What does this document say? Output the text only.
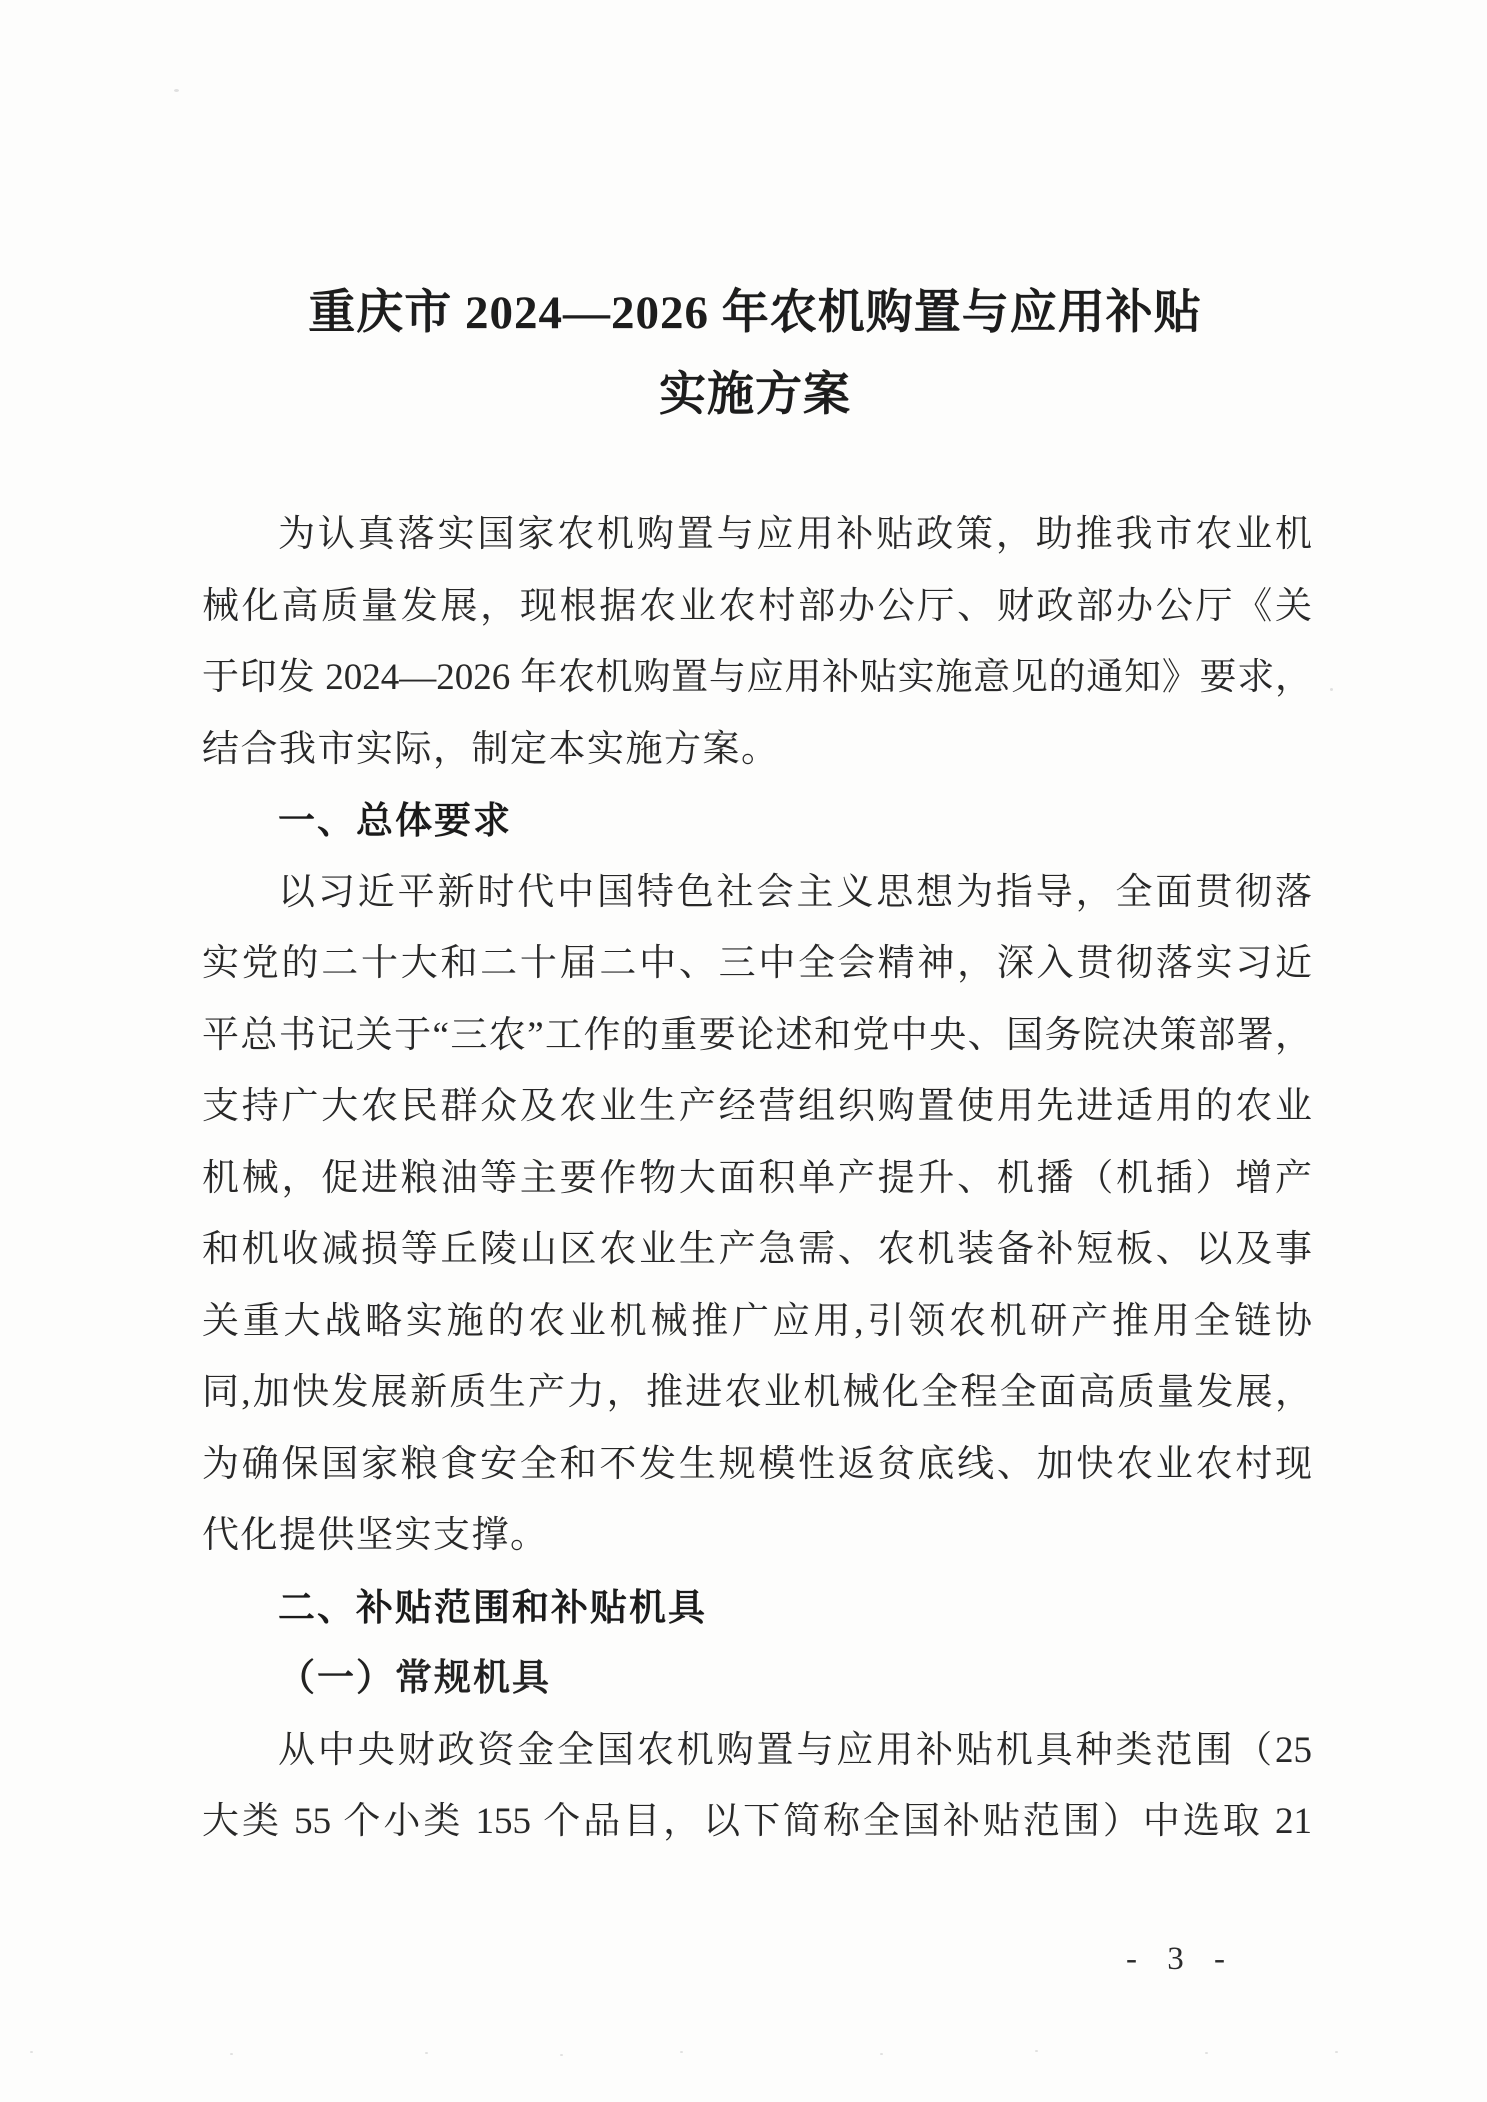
重庆市 2024—2026 年农机购置与应用补贴
实施方案
为认真落实国家农机购置与应用补贴政策，助推我市农业机
械化高质量发展，现根据农业农村部办公厅、财政部办公厅《关
于印发 2024—2026 年农机购置与应用补贴实施意见的通知》要求，
结合我市实际，制定本实施方案。
一、总体要求
以习近平新时代中国特色社会主义思想为指导，全面贯彻落
实党的二十大和二十届二中、三中全会精神，深入贯彻落实习近
平总书记关于“三农”工作的重要论述和党中央、国务院决策部署，
支持广大农民群众及农业生产经营组织购置使用先进适用的农业
机械，促进粮油等主要作物大面积单产提升、机播（机插）增产
和机收减损等丘陵山区农业生产急需、农机装备补短板、以及事
关重大战略实施的农业机械推广应用,引领农机研产推用全链协
同,加快发展新质生产力，推进农业机械化全程全面高质量发展，
为确保国家粮食安全和不发生规模性返贫底线、加快农业农村现
代化提供坚实支撑。
二、补贴范围和补贴机具
（一）常规机具
从中央财政资金全国农机购置与应用补贴机具种类范围（25
大类 55 个小类 155 个品目，以下简称全国补贴范围）中选取 21
- 3 -
